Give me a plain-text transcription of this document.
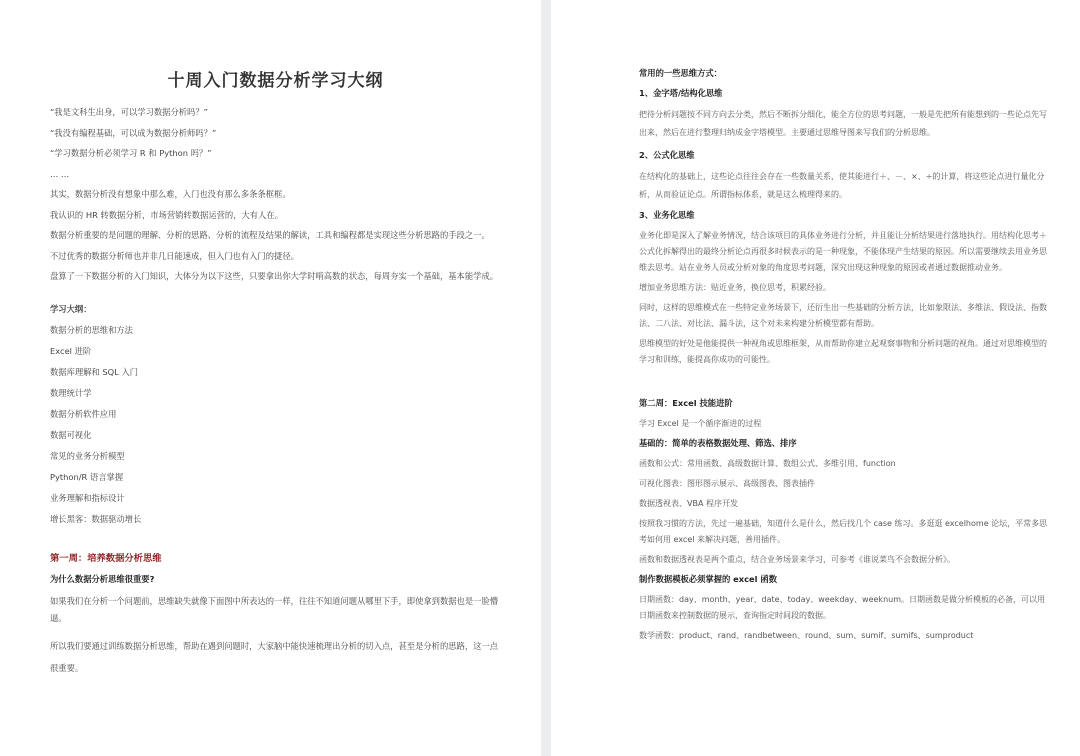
十周入门数据分析学习大纲

“我是文科生出身，可以学习数据分析吗？”

“我没有编程基础，可以成为数据分析师吗？”

“学习数据分析必须学习 R 和 Python 吗？”

… …

其实，数据分析没有想象中那么难，入门也没有那么多条条框框。

我认识的 HR 转数据分析，市场营销转数据运营的，大有人在。

数据分析重要的是问题的理解、分析的思路、分析的流程及结果的解读，工具和编程都是实现这些分析思路的手段之一。

不过优秀的数据分析师也并非几日能速成，但入门也有入门的捷径。

盘算了一下数据分析的入门知识，大体分为以下这些，只要拿出你大学时啃高数的状态，每周夯实一个基础，基本能学成。

学习大纲：

数据分析的思维和方法

Excel 进阶

数据库理解和 SQL 入门

数理统计学

数据分析软件应用

数据可视化

常见的业务分析模型

Python/R 语言掌握

业务理解和指标设计

增长黑客：数据驱动增长

第一周：培养数据分析思维

为什么数据分析思维很重要?

如果我们在分析一个问题前，思维缺失就像下面图中所表达的一样，往往不知道问题从哪里下手，即使拿到数据也是一脸懵逼。

所以我们要通过训练数据分析思维，帮助在遇到问题时，大家脑中能快速梳理出分析的切入点，甚至是分析的思路，这一点很重要。

常用的一些思维方式：

1、金字塔/结构化思维

把待分析问题按不同方向去分类，然后不断拆分细化，能全方位的思考问题，一般是先把所有能想到的一些论点先写出来，然后在进行整理归纳成金字塔模型。主要通过思维导图来写我们的分析思维。

2、公式化思维

在结构化的基础上，这些论点往往会存在一些数量关系，使其能进行＋、－、×、÷的计算，将这些论点进行量化分析，从而验证论点。所谓指标体系，就是这么梳理得来的。

3、业务化思维

业务化即是深入了解业务情况，结合该项目的具体业务进行分析，并且能让分析结果进行落地执行。用结构化思考＋公式化拆解得出的最终分析论点再很多时候表示的是一种现象，不能体现产生结果的原因。所以需要继续去用业务思维去思考。站在业务人员或分析对象的角度思考问题，深究出现这种现象的原因或者通过数据推动业务。

增加业务思维方法：贴近业务，换位思考，积累经验。

同时，这样的思维模式在一些特定业务场景下，还衍生出一些基础的分析方法，比如象限法、多维法、假设法、指数法、二八法、对比法、漏斗法，这个对未来构建分析模型都有帮助。

思维模型的好处是他能提供一种视角或思维框架，从而帮助你建立起观察事物和分析问题的视角。通过对思维模型的学习和训练，能提高你成功的可能性。

第二周：Excel 技能进阶

学习 Excel 是一个循序渐进的过程

基础的：简单的表格数据处理、筛选、排序

函数和公式：常用函数、高级数据计算、数组公式、多维引用、function

可视化图表：图形图示展示、高级图表、图表插件

数据透视表、VBA 程序开发

按照我习惯的方法，先过一遍基础，知道什么是什么，然后找几个 case 练习。多逛逛 excelhome 论坛，平常多思考如何用 excel 来解决问题，善用插件。

函数和数据透视表是两个重点，结合业务场景来学习，可参考《谁说菜鸟不会数据分析》。

制作数据模板必须掌握的 excel 函数

日期函数：day、month、year、date、today、weekday、weeknum。日期函数是做分析模板的必备，可以用日期函数来控制数据的展示，查询指定时间段的数据。

数学函数：product、rand、randbetween、round、sum、sumif、sumifs、sumproduct
